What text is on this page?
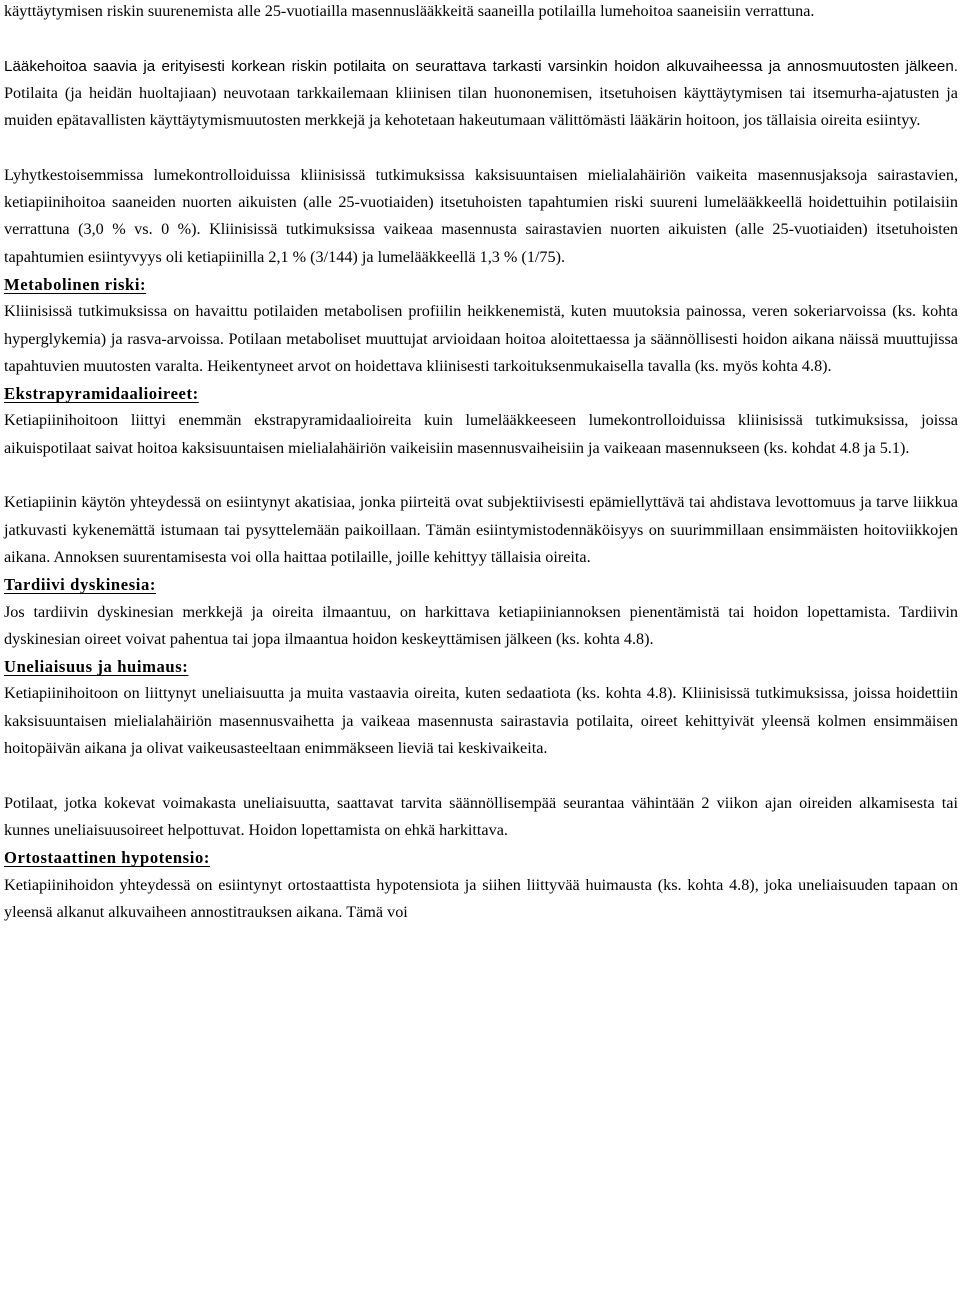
käyttäytymisen riskin suurenemista alle 25-vuotiailla masennuslääkkeitä saaneilla potilailla lumehoitoa saaneisiin verrattuna.

Lääkehoitoa saavia ja erityisesti korkean riskin potilaita on seurattava tarkasti varsinkin hoidon alkuvaiheessa ja annosmuutosten jälkeen. Potilaita (ja heidän huoltajiaan) neuvotaan tarkkailemaan kliinisen tilan huononemisen, itsetuhoisen käyttäytymisen tai itsemurha-ajatusten ja muiden epätavallisten käyttäytymismuutosten merkkejä ja kehotetaan hakeutumaan välittömästi lääkärin hoitoon, jos tällaisia oireita esiintyy.

Lyhytkestoisemmissa lumekontrolloiduissa kliinisissä tutkimuksissa kaksisuuntaisen mielialahäiriön vaikeita masennusjaksoja sairastavien, ketiapiinihoitoa saaneiden nuorten aikuisten (alle 25-vuotiaiden) itsetuhoisten tapahtumien riski suureni lumelääkkeellä hoidettuihin potilaisiin verrattuna (3,0 % vs. 0 %). Kliinisissä tutkimuksissa vaikeaa masennusta sairastavien nuorten aikuisten (alle 25-vuotiaiden) itsetuhoisten tapahtumien esiintyvyys oli ketiapiinilla 2,1 % (3/144) ja lumelääkkeellä 1,3 % (1/75).

Metabolinen riski:

Kliinisissä tutkimuksissa on havaittu potilaiden metabolisen profiilin heikkenemistä, kuten muutoksia painossa, veren sokeriarvoissa (ks. kohta hyperglykemia) ja rasva-arvoissa. Potilaan metaboliset muuttujat arvioidaan hoitoa aloitettaessa ja säännöllisesti hoidon aikana näissä muuttujissa tapahtuvien muutosten varalta. Heikentyneet arvot on hoidettava kliinisesti tarkoituksenmukaisella tavalla (ks. myös kohta 4.8).

Ekstrapyramidaalioireet:

Ketiapiinihoitoon liittyi enemmän ekstrapyramidaalioireita kuin lumelääkkeeseen lumekontrolloiduissa kliinisissä tutkimuksissa, joissa aikuispotilaat saivat hoitoa kaksisuuntaisen mielialahäiriön vaikeisiin masennusvaiheisiin ja vaikeaan masennukseen (ks. kohdat 4.8 ja 5.1).

Ketiapiinin käytön yhteydessä on esiintynyt akatisiaa, jonka piirteitä ovat subjektiivisesti epämiellyttävä tai ahdistava levottomuus ja tarve liikkua jatkuvasti kykenemättä istumaan tai pysyttelemään paikoillaan. Tämän esiintymistodennäköisyys on suurimmillaan ensimmäisten hoitoviikkojen aikana. Annoksen suurentamisesta voi olla haittaa potilaille, joille kehittyy tällaisia oireita.

Tardiivi dyskinesia:

Jos tardiivin dyskinesian merkkejä ja oireita ilmaantuu, on harkittava ketiapiiniannoksen pienentämistä tai hoidon lopettamista. Tardiivin dyskinesian oireet voivat pahentua tai jopa ilmaantua hoidon keskeyttämisen jälkeen (ks. kohta 4.8).

Uneliaisuus ja huimaus:

Ketiapiinihoitoon on liittynyt uneliaisuutta ja muita vastaavia oireita, kuten sedaatiota (ks. kohta 4.8). Kliinisissä tutkimuksissa, joissa hoidettiin kaksisuuntaisen mielialahäiriön masennusvaihetta ja vaikeaa masennusta sairastavia potilaita, oireet kehittyivät yleensä kolmen ensimmäisen hoitopäivän aikana ja olivat vaikeusasteeltaan enimmäkseen lieviä tai keskivaikeita.

Potilaat, jotka kokevat voimakasta uneliaisuutta, saattavat tarvita säännöllisempää seurantaa vähintään 2 viikon ajan oireiden alkamisesta tai kunnes uneliaisuusoireet helpottuvat. Hoidon lopettamista on ehkä harkittava.

Ortostaattinen hypotensio:

Ketiapiinihoidon yhteydessä on esiintynyt ortostaattista hypotensiota ja siihen liittyvää huimausta (ks. kohta 4.8), joka uneliaisuuden tapaan on yleensä alkanut alkuvaiheen annostitrauksen aikana. Tämä voi
